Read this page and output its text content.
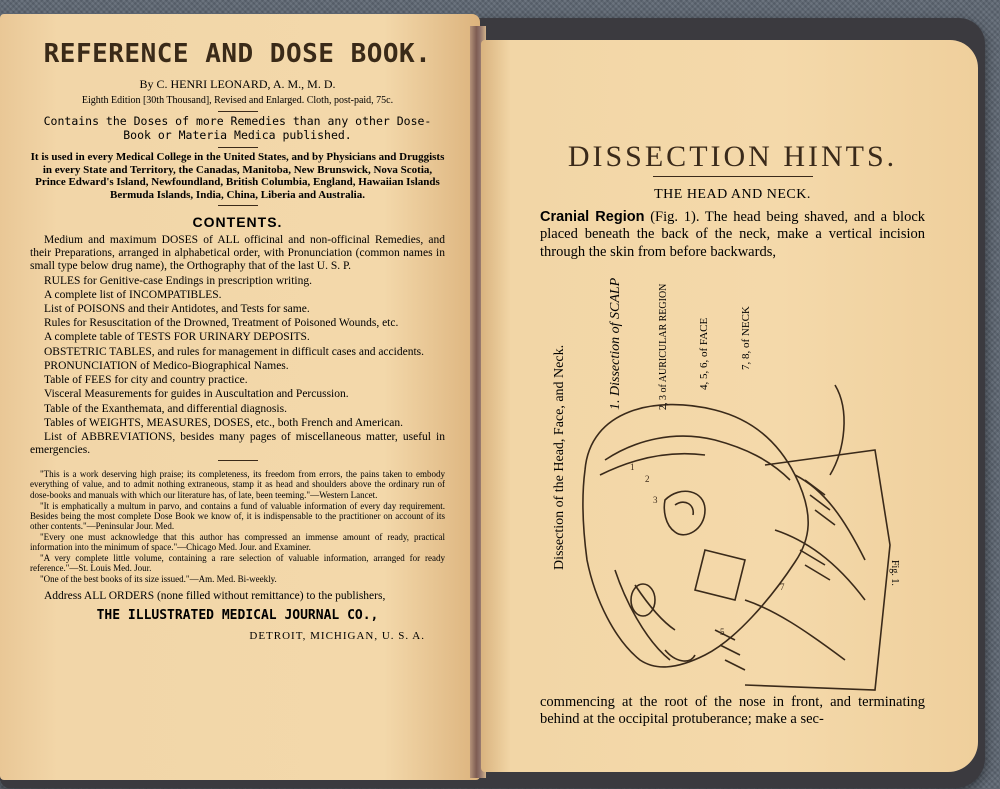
REFERENCE AND DOSE BOOK.
By C. HENRI LEONARD, A. M., M. D.
Eighth Edition [30th Thousand], Revised and Enlarged. Cloth, post-paid, 75c.
Contains the Doses of more Remedies than any other Dose-Book or Materia Medica published.
It is used in every Medical College in the United States, and by Physicians and Druggists in every State and Territory, the Canadas, Manitoba, New Brunswick, Nova Scotia, Prince Edward's Island, Newfoundland, British Columbia, England, Hawaiian Islands Bermuda Islands, India, China, Liberia and Australia.
CONTENTS.

Medium and maximum DOSES of ALL officinal and non-officinal Remedies, and their Preparations, arranged in alphabetical order, with Pronunciation (common names in small type below drug name), the Orthography that of the last U. S. P.

RULES for Genitive-case Endings in prescription writing.

A complete list of INCOMPATIBLES.

List of POISONS and their Antidotes, and Tests for same.

Rules for Resuscitation of the Drowned, Treatment of Poisoned Wounds, etc.

A complete table of TESTS FOR URINARY DEPOSITS.

OBSTETRIC TABLES, and rules for management in difficult cases and accidents.

PRONUNCIATION of Medico-Biographical Names.

Table of FEES for city and country practice.

Visceral Measurements for guides in Auscultation and Percussion.

Table of the Exanthemata, and differential diagnosis.

Tables of WEIGHTS, MEASURES, DOSES, etc., both French and American.

List of ABBREVIATIONS, besides many pages of miscellaneous matter, useful in emergencies.

"This is a work deserving high praise; its completeness, its freedom from errors, the pains taken to embody everything of value, and to admit nothing extraneous, stamp it as head and shoulders above the ordinary run of dose-books and manuals with which our literature has, of late, been teeming."—Western Lancet.

"It is emphatically a multum in parvo, and contains a fund of valuable information of every day requirement. Besides being the most complete Dose Book we know of, it is indispensable to the practitioner on account of its other contents."—Peninsular Jour. Med.

"Every one must acknowledge that this author has compressed an immense amount of ready, practical information into the minimum of space."—Chicago Med. Jour. and Examiner.

"A very complete little volume, containing a rare selection of valuable information, arranged for ready reference."—St. Louis Med. Jour.

"One of the best books of its size issued."—Am. Med. Bi-weekly.

Address ALL ORDERS (none filled without remittance) to the publishers,
THE ILLUSTRATED MEDICAL JOURNAL CO.,
DETROIT, MICHIGAN, U. S. A.
DISSECTION HINTS.
THE HEAD AND NECK.

Cranial Region (Fig. 1). The head being shaved, and a block placed beneath the back of the neck, make a vertical incision through the skin from before backwards,

1
2
3
5
7
1. Dissection of SCALP	2, 3 of AURICULAR REGION	4, 5, 6, of FACE	7, 8, of NECK
Dissection of the Head, Face, and Neck.
Fig. 1.

commencing at the root of the nose in front, and terminating behind at the occipital protuberance; make a sec-
